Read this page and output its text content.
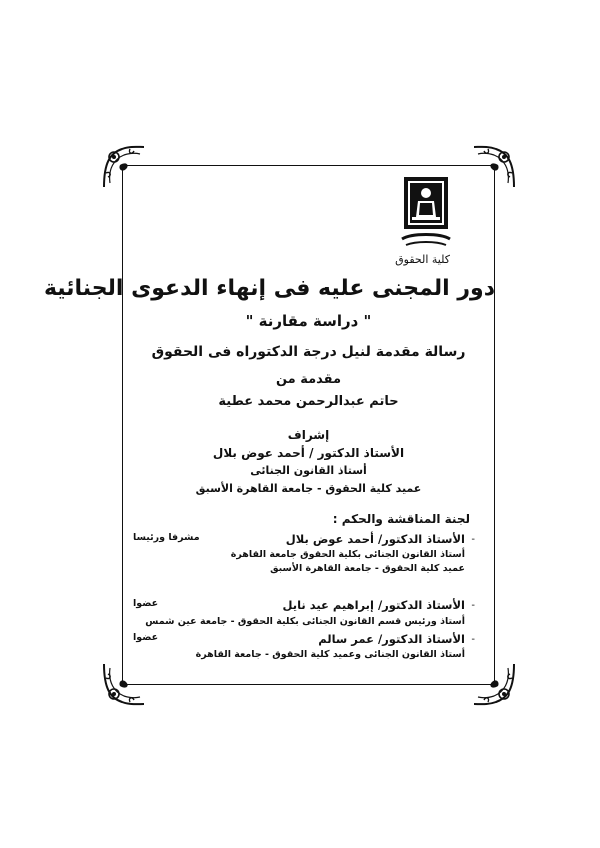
كلية الحقوق
دور المجنى عليه فى إنهاء الدعوى الجنائية
" دراسة مقارنة "
رسالة مقدمة لنيل درجة الدكتوراه فى الحقوق
مقدمة من
حاتم عبدالرحمن محمد عطية
إشراف
الأستاذ الدكتور / أحمد عوض بلال
أستاذ القانون الجنائى
عميد كلية الحقوق - جامعة القاهرة الأسبق
لجنة المناقشة والحكم :
-
الأستاذ الدكتور/ أحمد عوض بلال
مشرفا ورئيسا
أستاذ القانون الجنائى بكلية الحقوق جامعة القاهرة
عميد كلية الحقوق - جامعة القاهرة الأسبق
-
الأستاذ الدكتور/ إبراهيم عيد نايل
عضوا
أستاذ ورئيس قسم القانون الجنائى بكلية الحقوق - جامعة عين شمس
-
الأستاذ الدكتور/ عمر سالم
عضوا
أستاذ القانون الجنائى وعميد كلية الحقوق - جامعة القاهرة
